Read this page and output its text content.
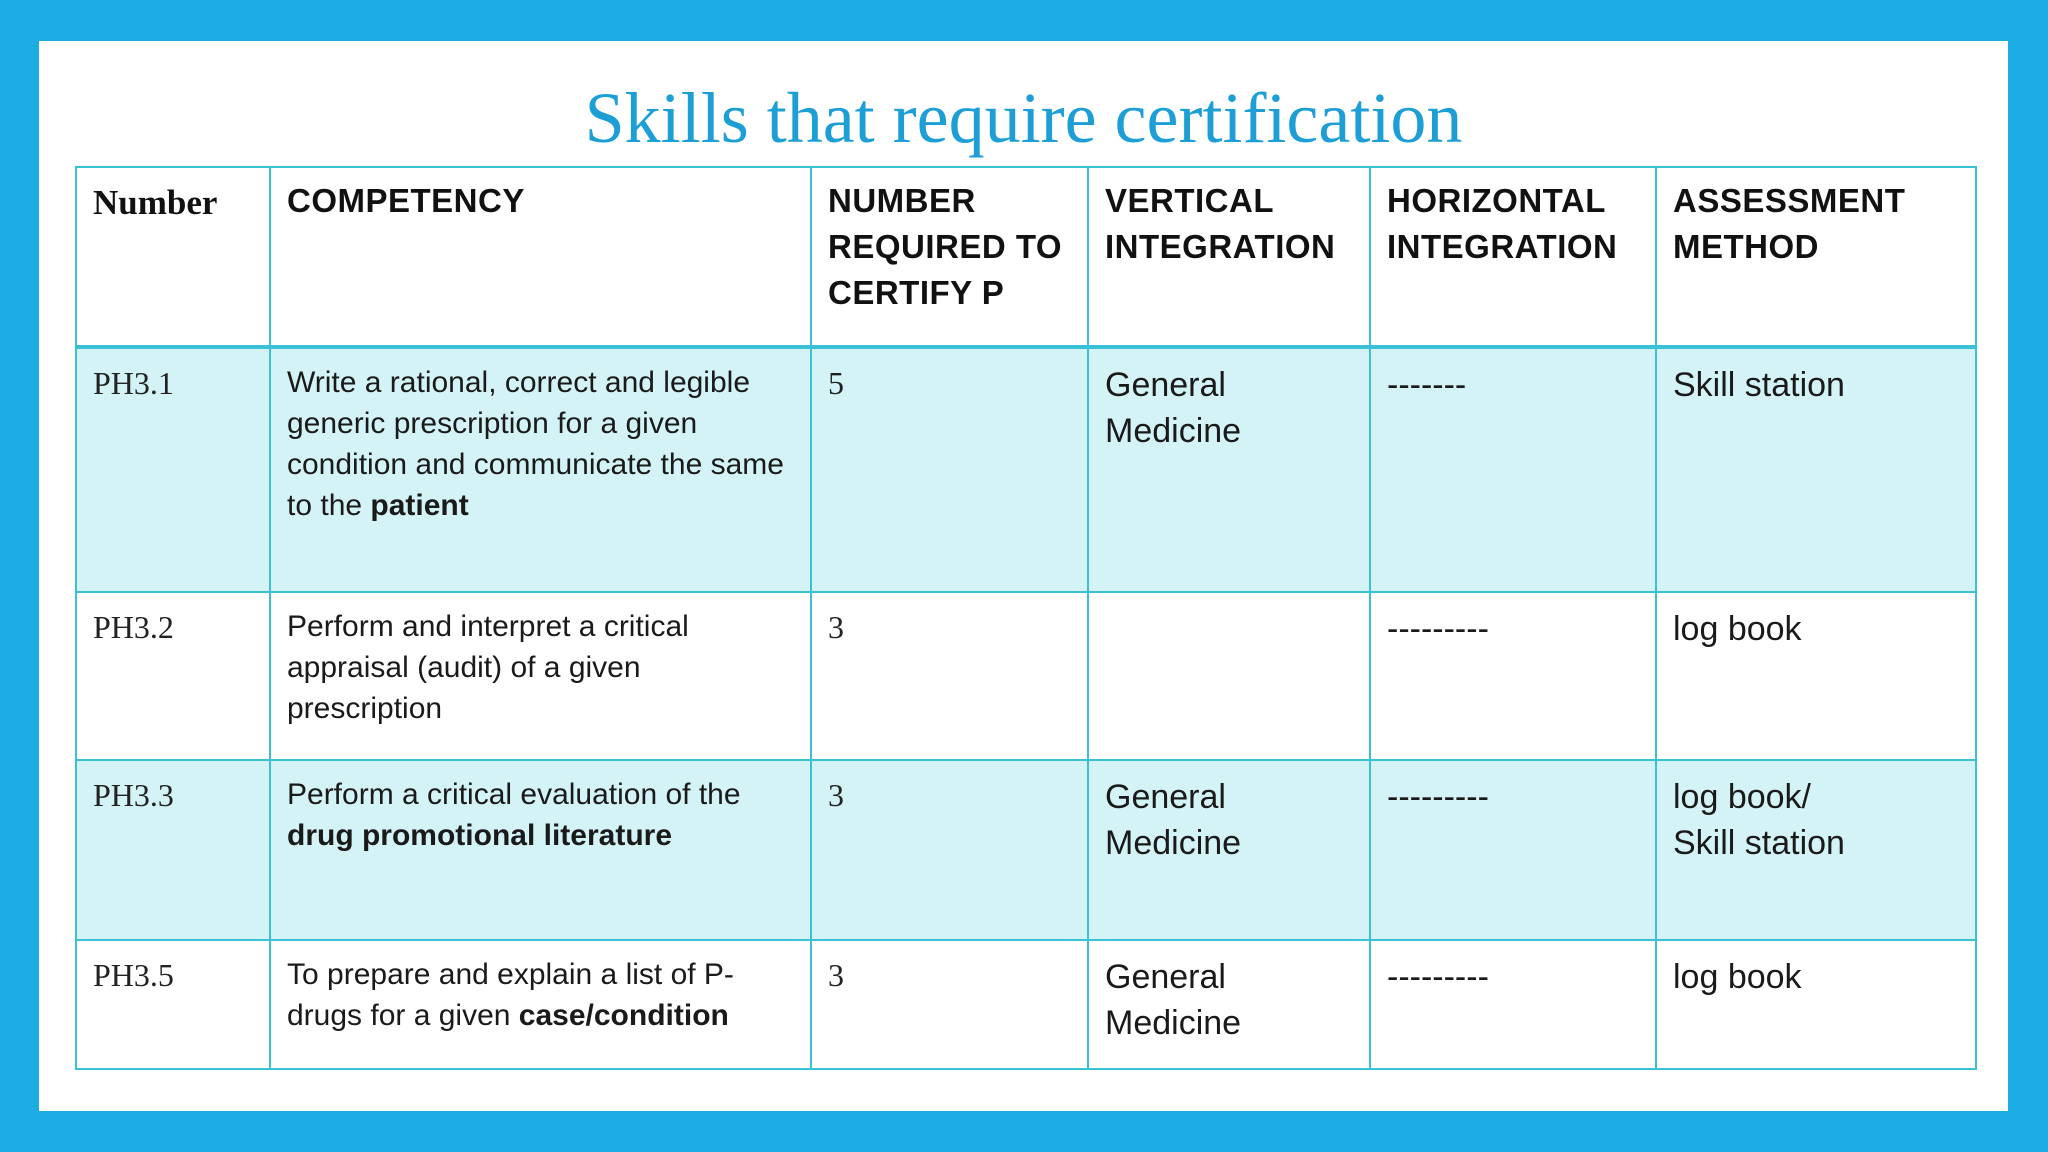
Skills that require certification
Number	COMPETENCY	NUMBER REQUIRED TO CERTIFY P	VERTICAL INTEGRATION	HORIZONTAL INTEGRATION	ASSESSMENT METHOD
PH3.1	Write a rational, correct and legible generic prescription for a given condition and communicate the same to the patient	5	General Medicine	-------	Skill station

PH3.2	Perform and interpret a critical appraisal (audit) of a given prescription	3		---------	log book

PH3.3	Perform a critical evaluation of the drug promotional literature	3	General Medicine	---------	log book/
Skill station

PH3.5	To prepare and explain a list of P-drugs for a given case/condition	3	General Medicine	---------	log book
